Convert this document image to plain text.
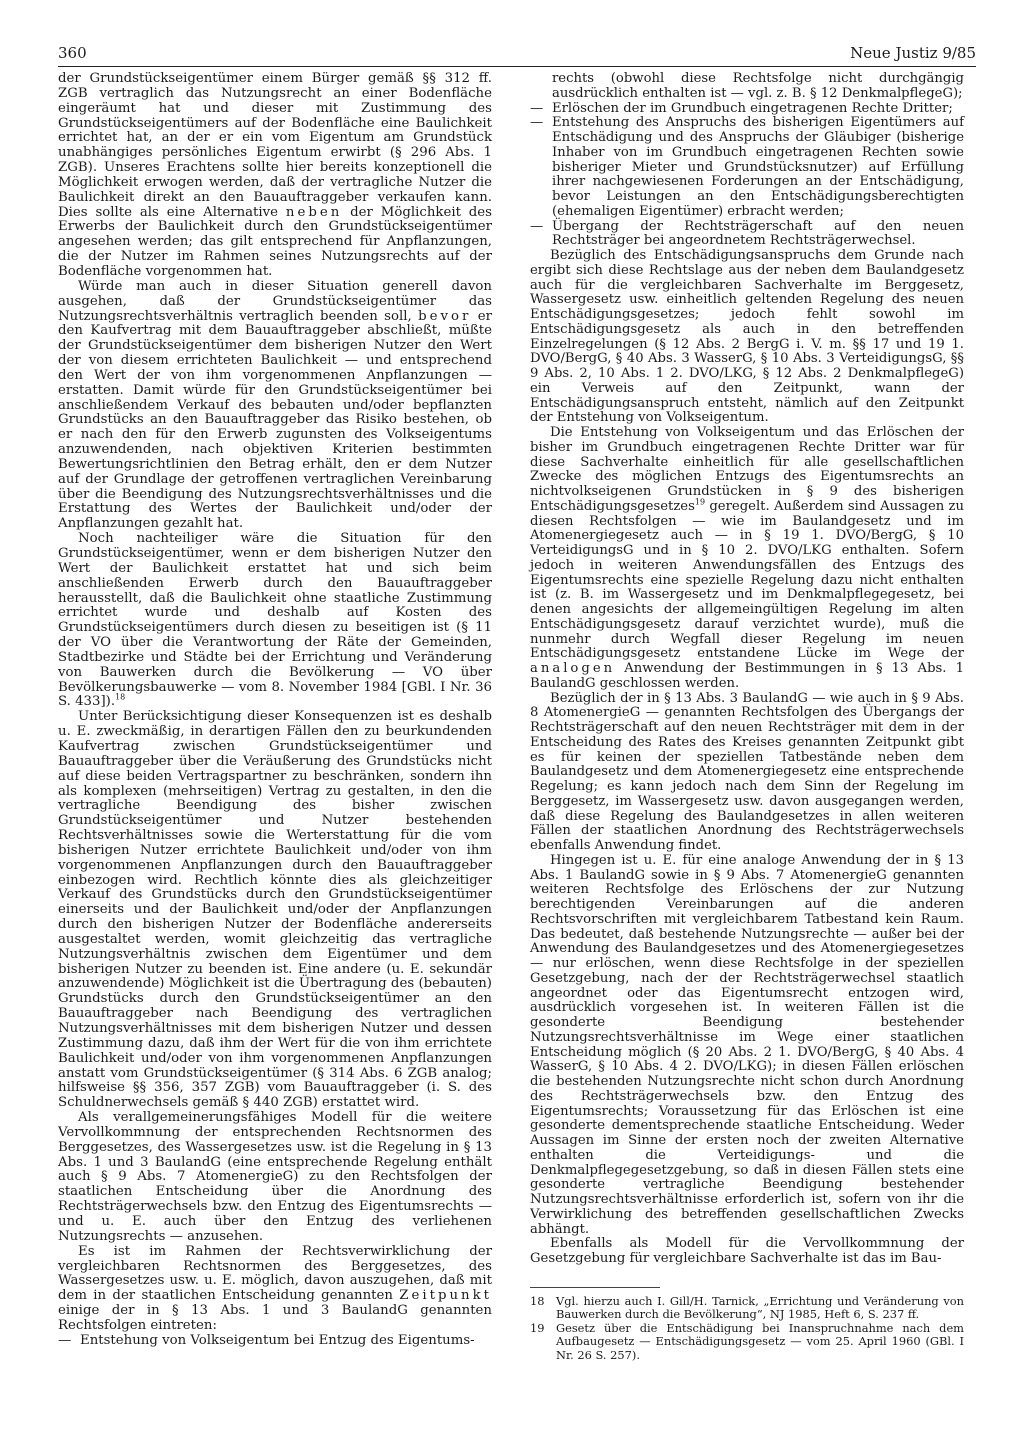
360	Neue Justiz 9/85

der Grundstückseigentümer einem Bürger gemäß §§ 312 ff. ZGB vertraglich das Nutzungsrecht an einer Bodenfläche eingeräumt hat und dieser mit Zustimmung des Grundstückseigentümers auf der Bodenfläche eine Baulichkeit errichtet hat, an der er ein vom Eigentum am Grundstück unabhängiges persönliches Eigentum erwirbt (§ 296 Abs. 1 ZGB). Unseres Erachtens sollte hier bereits konzeptionell die Möglichkeit erwogen werden, daß der vertragliche Nutzer die Baulichkeit direkt an den Bauauftraggeber verkaufen kann. Dies sollte als eine Alternative neben der Möglichkeit des Erwerbs der Baulichkeit durch den Grundstückseigentümer angesehen werden; das gilt entsprechend für Anpflanzungen, die der Nutzer im Rahmen seines Nutzungsrechts auf der Bodenfläche vorgenommen hat.

Würde man auch in dieser Situation generell davon ausgehen, daß der Grundstückseigentümer das Nutzungsrechtsverhältnis vertraglich beenden soll, bevor er den Kaufvertrag mit dem Bauauftraggeber abschließt, müßte der Grundstückseigentümer dem bisherigen Nutzer den Wert der von diesem errichteten Baulichkeit — und entsprechend den Wert der von ihm vorgenommenen Anpflanzungen — erstatten. Damit würde für den Grundstückseigentümer bei anschließendem Verkauf des bebauten und/oder bepflanzten Grundstücks an den Bauauftraggeber das Risiko bestehen, ob er nach den für den Erwerb zugunsten des Volkseigentums anzuwendenden, nach objektiven Kriterien bestimmten Bewertungsrichtlinien den Betrag erhält, den er dem Nutzer auf der Grundlage der getroffenen vertraglichen Vereinbarung über die Beendigung des Nutzungsrechtsverhältnisses und die Erstattung des Wertes der Baulichkeit und/oder der Anpflanzungen gezahlt hat.

Noch nachteiliger wäre die Situation für den Grundstückseigentümer, wenn er dem bisherigen Nutzer den Wert der Baulichkeit erstattet hat und sich beim anschließenden Erwerb durch den Bauauftraggeber herausstellt, daß die Baulichkeit ohne staatliche Zustimmung errichtet wurde und deshalb auf Kosten des Grundstückseigentümers durch diesen zu beseitigen ist (§ 11 der VO über die Verantwortung der Räte der Gemeinden, Stadtbezirke und Städte bei der Errichtung und Veränderung von Bauwerken durch die Bevölkerung — VO über Bevölkerungsbauwerke — vom 8. November 1984 [GBl. I Nr. 36 S. 433]).$^{18}$

Unter Berücksichtigung dieser Konsequenzen ist es deshalb u. E. zweckmäßig, in derartigen Fällen den zu beurkundenden Kaufvertrag zwischen Grundstückseigentümer und Bauauftraggeber über die Veräußerung des Grundstücks nicht auf diese beiden Vertragspartner zu beschränken, sondern ihn als komplexen (mehrseitigen) Vertrag zu gestalten, in den die vertragliche Beendigung des bisher zwischen Grundstückseigentümer und Nutzer bestehenden Rechtsverhältnisses sowie die Werterstattung für die vom bisherigen Nutzer errichtete Baulichkeit und/oder von ihm vorgenommenen Anpflanzungen durch den Bauauftraggeber einbezogen wird. Rechtlich könnte dies als gleichzeitiger Verkauf des Grundstücks durch den Grundstückseigentümer einerseits und der Baulichkeit und/oder der Anpflanzungen durch den bisherigen Nutzer der Bodenfläche andererseits ausgestaltet werden, womit gleichzeitig das vertragliche Nutzungsverhältnis zwischen dem Eigentümer und dem bisherigen Nutzer zu beenden ist. Eine andere (u. E. sekundär anzuwendende) Möglichkeit ist die Übertragung des (bebauten) Grundstücks durch den Grundstückseigentümer an den Bauauftraggeber nach Beendigung des vertraglichen Nutzungsverhältnisses mit dem bisherigen Nutzer und dessen Zustimmung dazu, daß ihm der Wert für die von ihm errichtete Baulichkeit und/oder von ihm vorgenommenen Anpflanzungen anstatt vom Grundstückseigentümer (§ 314 Abs. 6 ZGB analog; hilfsweise §§ 356, 357 ZGB) vom Bauauftraggeber (i. S. des Schuldnerwechsels gemäß § 440 ZGB) erstattet wird.

Als verallgemeinerungsfähiges Modell für die weitere Vervollkommnung der entsprechenden Rechtsnormen des Berggesetzes, des Wassergesetzes usw. ist die Regelung in § 13 Abs. 1 und 3 BaulandG (eine entsprechende Regelung enthält auch § 9 Abs. 7 AtomenergieG) zu den Rechtsfolgen der staatlichen Entscheidung über die Anordnung des Rechtsträgerwechsels bzw. den Entzug des Eigentumsrechts — und u. E. auch über den Entzug des verliehenen Nutzungsrechts — anzusehen.

Es ist im Rahmen der Rechtsverwirklichung der vergleichbaren Rechtsnormen des Berggesetzes, des Wassergesetzes usw. u. E. möglich, davon auszugehen, daß mit dem in der staatlichen Entscheidung genannten Zeitpunkt einige der in § 13 Abs. 1 und 3 BaulandG genannten Rechtsfolgen eintreten:

— Entstehung von Volkseigentum bei Entzug des Eigentums-
rechts (obwohl diese Rechtsfolge nicht durchgängig ausdrücklich enthalten ist — vgl. z. B. § 12 DenkmalpflegeG);
— Erlöschen der im Grundbuch eingetragenen Rechte Dritter;
— Entstehung des Anspruchs des bisherigen Eigentümers auf Entschädigung und des Anspruchs der Gläubiger (bisherige Inhaber von im Grundbuch eingetragenen Rechten sowie bisheriger Mieter und Grundstücksnutzer) auf Erfüllung ihrer nachgewiesenen Forderungen an der Entschädigung, bevor Leistungen an den Entschädigungsberechtigten (ehemaligen Eigentümer) erbracht werden;
— Übergang der Rechtsträgerschaft auf den neuen Rechtsträger bei angeordnetem Rechtsträgerwechsel.

Bezüglich des Entschädigungsanspruchs dem Grunde nach ergibt sich diese Rechtslage aus der neben dem Baulandgesetz auch für die vergleichbaren Sachverhalte im Berggesetz, Wassergesetz usw. einheitlich geltenden Regelung des neuen Entschädigungsgesetzes; jedoch fehlt sowohl im Entschädigungsgesetz als auch in den betreffenden Einzelregelungen (§ 12 Abs. 2 BergG i. V. m. §§ 17 und 19 1. DVO/BergG, § 40 Abs. 3 WasserG, § 10 Abs. 3 VerteidigungsG, §§ 9 Abs. 2, 10 Abs. 1 2. DVO/LKG, § 12 Abs. 2 DenkmalpflegeG) ein Verweis auf den Zeitpunkt, wann der Entschädigungsanspruch entsteht, nämlich auf den Zeitpunkt der Entstehung von Volkseigentum.

Die Entstehung von Volkseigentum und das Erlöschen der bisher im Grundbuch eingetragenen Rechte Dritter war für diese Sachverhalte einheitlich für alle gesellschaftlichen Zwecke des möglichen Entzugs des Eigentumsrechts an nichtvolkseigenen Grundstücken in § 9 des bisherigen Entschädigungsgesetzes$^{19}$ geregelt. Außerdem sind Aussagen zu diesen Rechtsfolgen — wie im Baulandgesetz und im Atomenergiegesetz auch — in § 19 1. DVO/BergG, § 10 VerteidigungsG und in § 10 2. DVO/LKG enthalten. Sofern jedoch in weiteren Anwendungsfällen des Entzugs des Eigentumsrechts eine spezielle Regelung dazu nicht enthalten ist (z. B. im Wassergesetz und im Denkmalpflegegesetz, bei denen angesichts der allgemeingültigen Regelung im alten Entschädigungsgesetz darauf verzichtet wurde), muß die nunmehr durch Wegfall dieser Regelung im neuen Entschädigungsgesetz entstandene Lücke im Wege der analogen Anwendung der Bestimmungen in § 13 Abs. 1 BaulandG geschlossen werden.

Bezüglich der in § 13 Abs. 3 BaulandG — wie auch in § 9 Abs. 8 AtomenergieG — genannten Rechtsfolgen des Übergangs der Rechtsträgerschaft auf den neuen Rechtsträger mit dem in der Entscheidung des Rates des Kreises genannten Zeitpunkt gibt es für keinen der speziellen Tatbestände neben dem Baulandgesetz und dem Atomenergiegesetz eine entsprechende Regelung; es kann jedoch nach dem Sinn der Regelung im Berggesetz, im Wassergesetz usw. davon ausgegangen werden, daß diese Regelung des Baulandgesetzes in allen weiteren Fällen der staatlichen Anordnung des Rechtsträgerwechsels ebenfalls Anwendung findet.

Hingegen ist u. E. für eine analoge Anwendung der in § 13 Abs. 1 BaulandG sowie in § 9 Abs. 7 AtomenergieG genannten weiteren Rechtsfolge des Erlöschens der zur Nutzung berechtigenden Vereinbarungen auf die anderen Rechtsvorschriften mit vergleichbarem Tatbestand kein Raum. Das bedeutet, daß bestehende Nutzungsrechte — außer bei der Anwendung des Baulandgesetzes und des Atomenergiegesetzes — nur erlöschen, wenn diese Rechtsfolge in der speziellen Gesetzgebung, nach der der Rechtsträgerwechsel staatlich angeordnet oder das Eigentumsrecht entzogen wird, ausdrücklich vorgesehen ist. In weiteren Fällen ist die gesonderte Beendigung bestehender Nutzungsrechtsverhältnisse im Wege einer staatlichen Entscheidung möglich (§ 20 Abs. 2 1. DVO/BergG, § 40 Abs. 4 WasserG, § 10 Abs. 4 2. DVO/LKG); in diesen Fällen erlöschen die bestehenden Nutzungsrechte nicht schon durch Anordnung des Rechtsträgerwechsels bzw. den Entzug des Eigentumsrechts; Voraussetzung für das Erlöschen ist eine gesonderte dementsprechende staatliche Entscheidung. Weder Aussagen im Sinne der ersten noch der zweiten Alternative enthalten die Verteidigungs- und die Denkmalpflegegesetzgebung, so daß in diesen Fällen stets eine gesonderte vertragliche Beendigung bestehender Nutzungsrechtsverhältnisse erforderlich ist, sofern von ihr die Verwirklichung des betreffenden gesellschaftlichen Zwecks abhängt.

Ebenfalls als Modell für die Vervollkommnung der Gesetzgebung für vergleichbare Sachverhalte ist das im Bau-

18 Vgl. hierzu auch I. Gill/H. Tarnick, „Errichtung und Veränderung von Bauwerken durch die Bevölkerung“, NJ 1985, Heft 6, S. 237 ff.
19 Gesetz über die Entschädigung bei Inanspruchnahme nach dem Aufbaugesetz — Entschädigungsgesetz — vom 25. April 1960 (GBl. I Nr. 26 S. 257).
